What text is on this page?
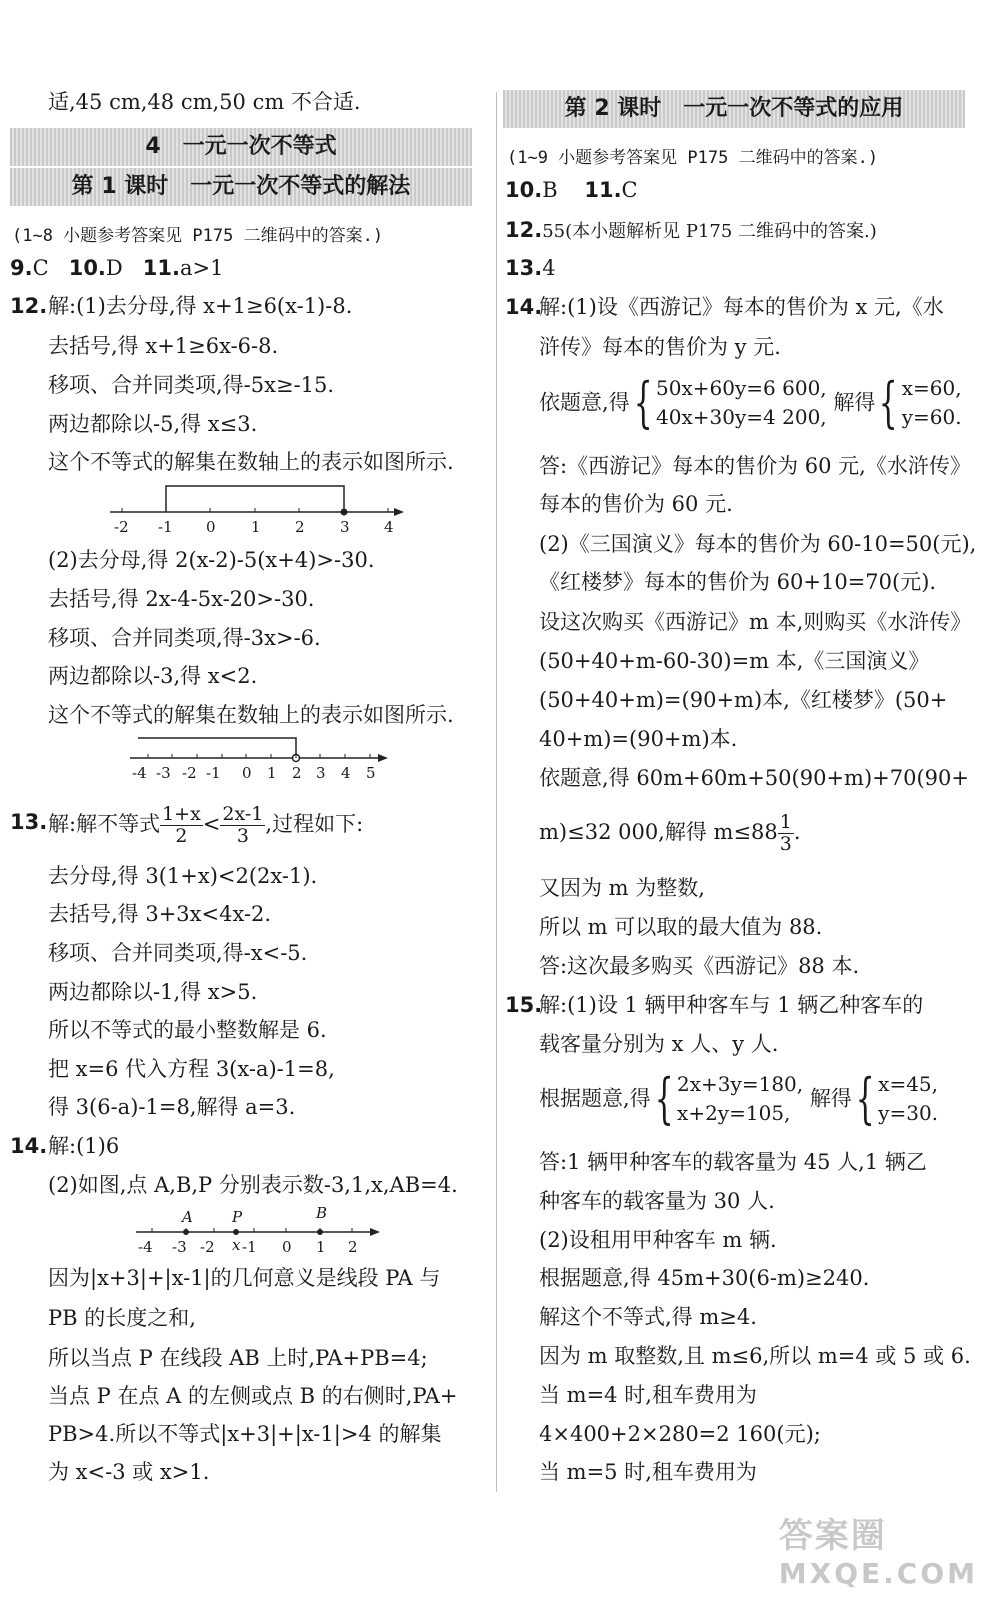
适,45 cm,48 cm,50 cm 不合适.
4　一元一次不等式
第 1 课时　一元一次不等式的解法
(1~8 小题参考答案见 P175 二维码中的答案.)
9.C 10.D 11.a>1
12. 解:(1)去分母,得 x+1≥6(x-1)-8.
去括号,得 x+1≥6x-6-8.
移项、合并同类项,得-5x≥-15.
两边都除以-5,得 x≤3.
这个不等式的解集在数轴上的表示如图所示.
-2 -1 0 1 2 3 4
(2)去分母,得 2(x-2)-5(x+4)>-30.
去括号,得 2x-4-5x-20>-30.
移项、合并同类项,得-3x>-6.
两边都除以-3,得 x<2.
这个不等式的解集在数轴上的表示如图所示.
-4 -3 -2 -1 0 1 2 3 4 5
13. 解:解不等式 $\frac{1+x}{2} < \frac{2x-1}{3}$ ,过程如下:
去分母,得 3(1+x)<2(2x-1).
去括号,得 3+3x<4x-2.
移项、合并同类项,得-x<-5.
两边都除以-1,得 x>5.
所以不等式的最小整数解是 6.
把 x=6 代入方程 3(x-a)-1=8,
得 3(6-a)-1=8,解得 a=3.
14. 解:(1)6
(2)如图,点 A,B,P 分别表示数-3,1,x,AB=4.
A	P	B
-4 -3 -2 x -1 0 1 2
因为|x+3|+|x-1|的几何意义是线段 PA 与
PB 的长度之和,
所以当点 P 在线段 AB 上时,PA+PB=4;
当点 P 在点 A 的左侧或点 B 的右侧时,PA+
PB>4.所以不等式|x+3|+|x-1|>4 的解集
为 x<-3 或 x>1.
第 2 课时　一元一次不等式的应用
(1~9 小题参考答案见 P175 二维码中的答案.)
10.B 11.C
12.55(本小题解析见 P175 二维码中的答案.)
13.4
14.
解:(1)设《西游记》每本的售价为 x 元,《水
浒传》每本的售价为 y 元.
依题意,得{ 50x+60y=6 600,
40x+30y=4 200, 解得{ x=60,
y=60.
答:《西游记》每本的售价为 60 元,《水浒传》
每本的售价为 60 元.
(2)《三国演义》每本的售价为 60-10=50(元),
《红楼梦》每本的售价为 60+10=70(元).
设这次购买《西游记》m 本,则购买《水浒传》
(50+40+m-60-30)=m 本,《三国演义》
(50+40+m)=(90+m)本,《红楼梦》(50+
40+m)=(90+m)本.
依题意,得 60m+60m+50(90+m)+70(90+
m)≤32 000,解得 $m\le 88 \frac{1}{3}$ .
又因为 m 为整数,
所以 m 可以取的最大值为 88.
答:这次最多购买《西游记》88 本.
15.
解:(1)设 1 辆甲种客车与 1 辆乙种客车的
载客量分别为 x 人、y 人.
根据题意,得{ 2x+3y=180,
x+2y=105, 解得{ x=45,
y=30.
答:1 辆甲种客车的载客量为 45 人,1 辆乙
种客车的载客量为 30 人.
(2)设租用甲种客车 m 辆.
根据题意,得 45m+30(6-m)≥240.
解这个不等式,得 m≥4.
因为 m 取整数,且 m≤6,所以 m=4 或 5 或 6.
当 m=4 时,租车费用为
4×400+2×280=2 160(元);
当 m=5 时,租车费用为
答案圈
MXQE.COM
